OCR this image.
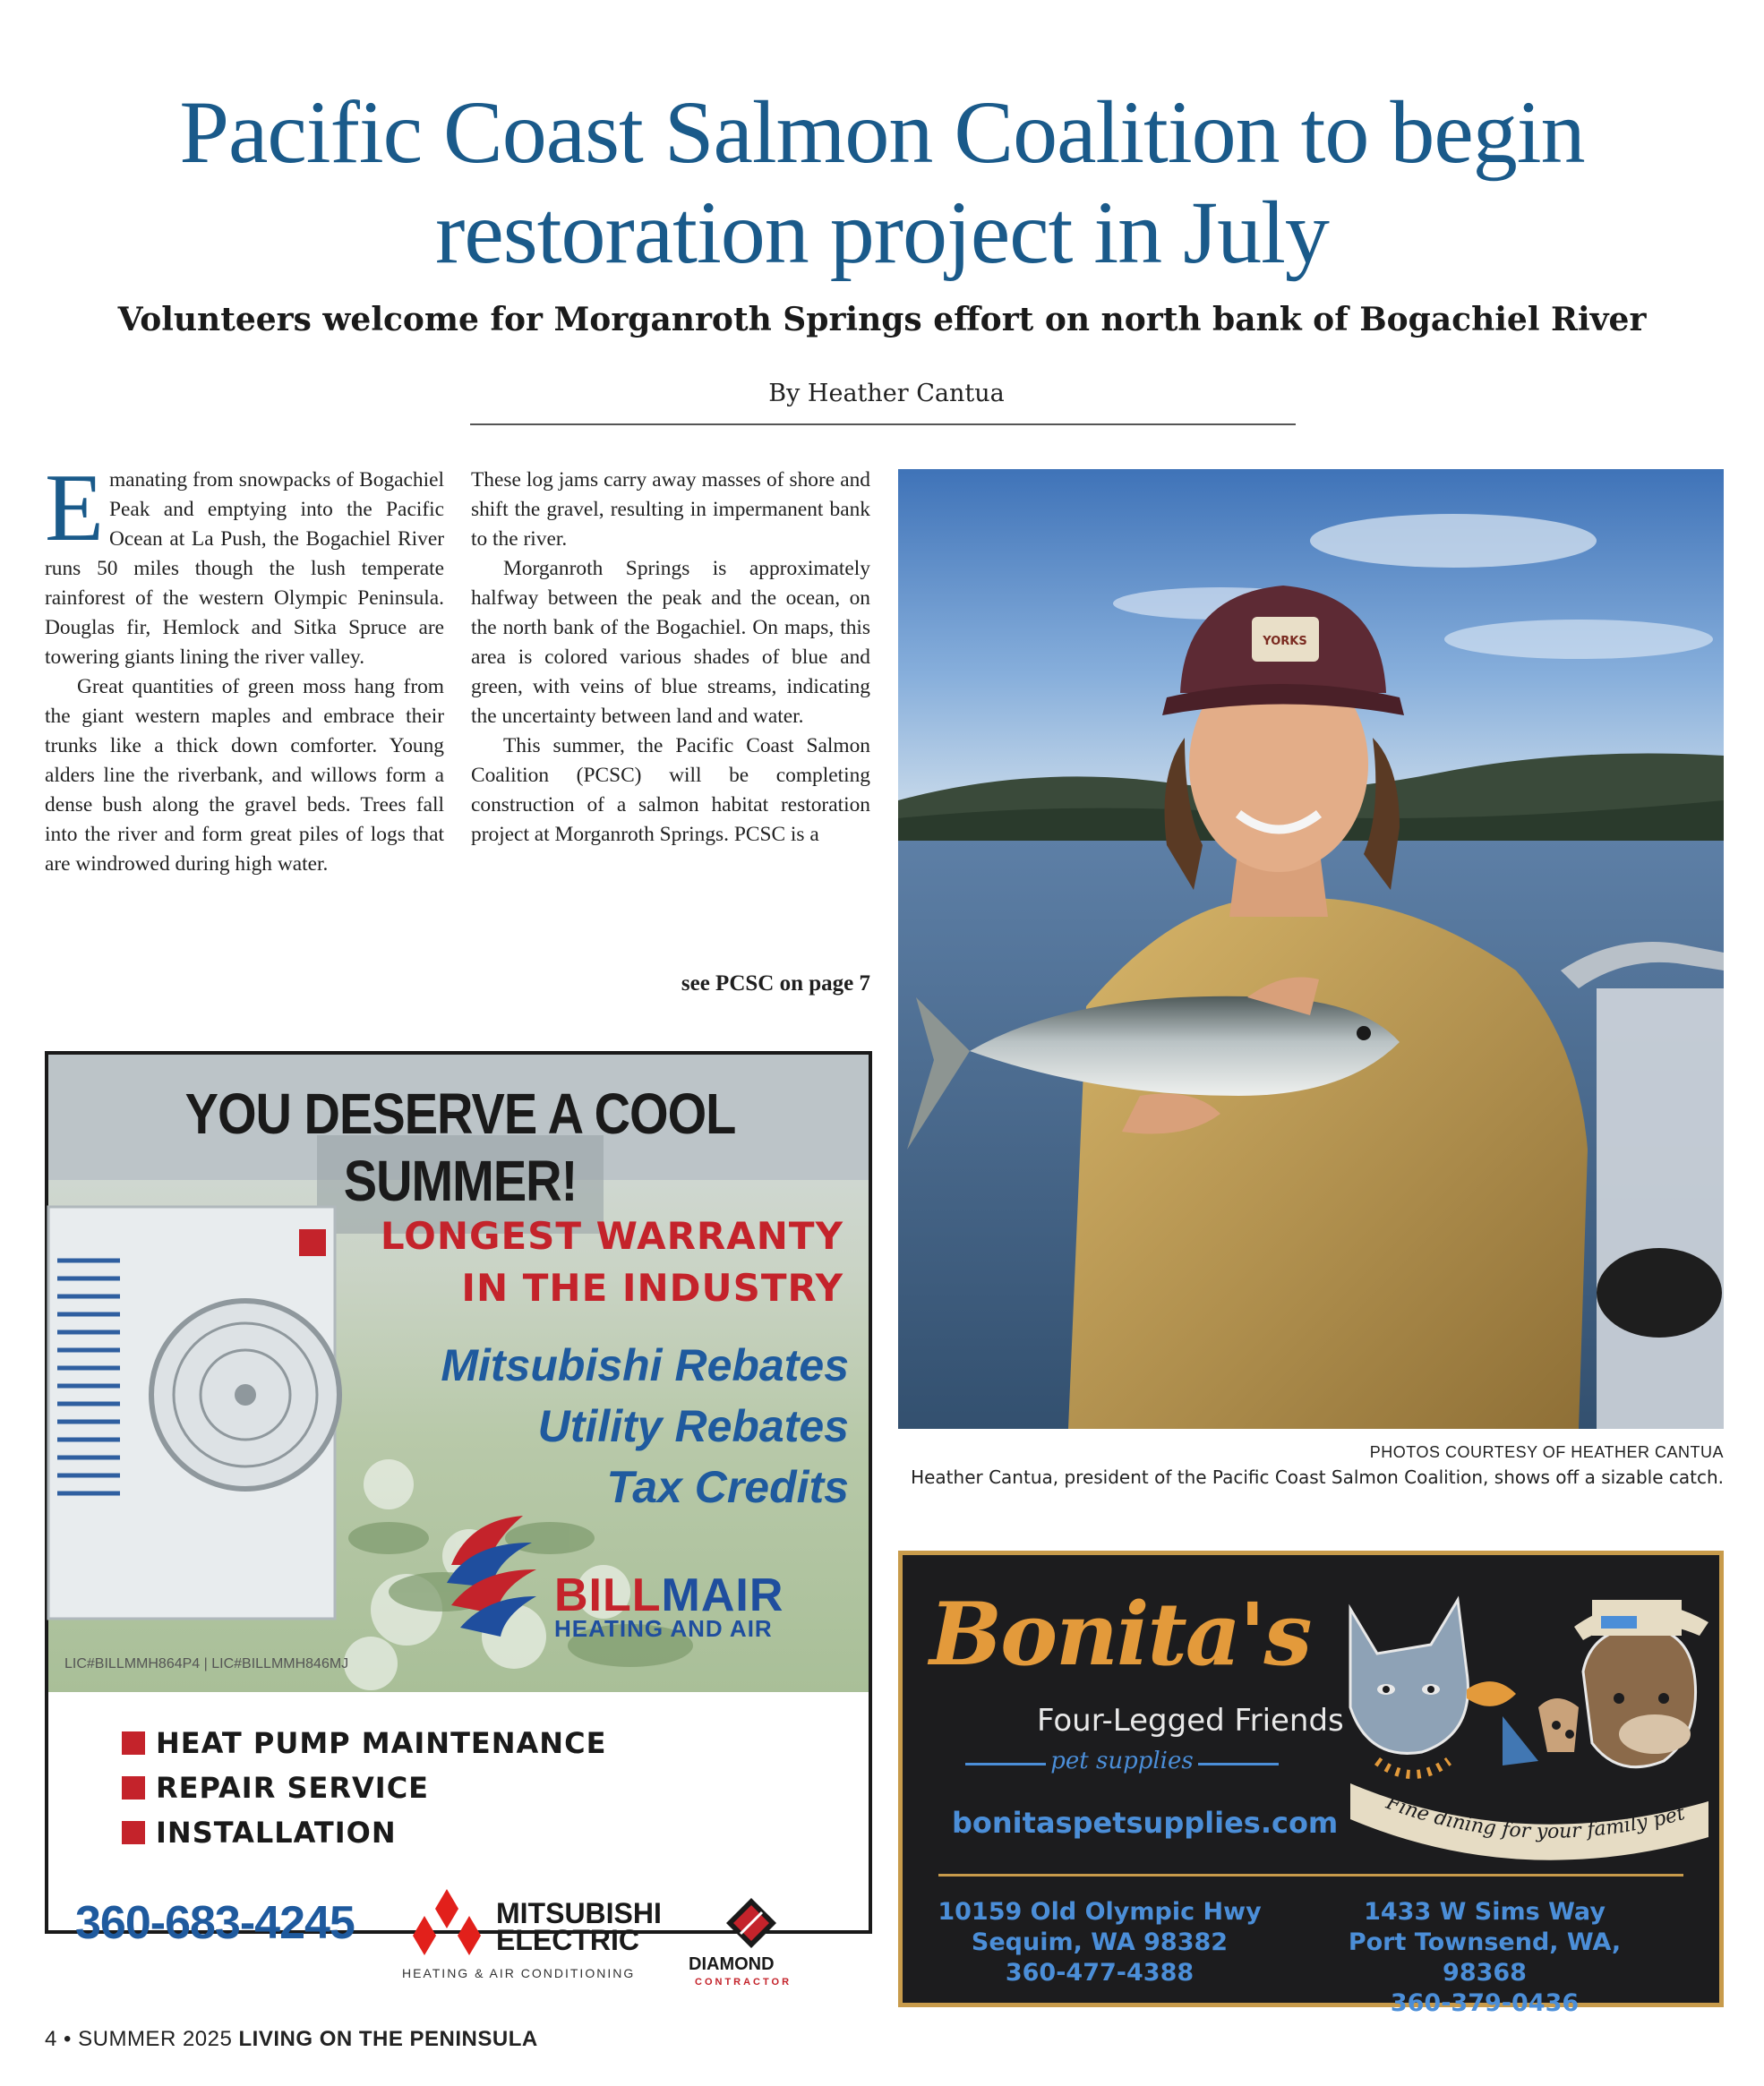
Pacific Coast Salmon Coalition to begin restoration project in July
Volunteers welcome for Morganroth Springs effort on north bank of Bogachiel River
By Heather Cantua

Emanating from snowpacks of Bogachiel Peak and emptying into the Pacific Ocean at La Push, the Bogachiel River runs 50 miles though the lush temperate rainforest of the western Olympic Peninsula. Douglas fir, Hemlock and Sitka Spruce are towering giants lining the river valley.

Great quantities of green moss hang from the giant western maples and embrace their trunks like a thick down comforter. Young alders line the riverbank, and willows form a dense bush along the gravel beds. Trees fall into the river and form great piles of logs that are windrowed during high water.

These log jams carry away masses of shore and shift the gravel, resulting in impermanent bank to the river.

Morganroth Springs is approximately halfway between the peak and the ocean, on the north bank of the Bogachiel. On maps, this area is colored various shades of blue and green, with veins of blue streams, indicating the uncertainty between land and water.

This summer, the Pacific Coast Salmon Coalition (PCSC) will be completing construction of a salmon habitat restoration project at Morganroth Springs. PCSC is a

see PCSC on page 7
YORKS
PHOTOS COURTESY OF HEATHER CANTUA
Heather Cantua, president of the Pacific Coast Salmon Coalition, shows off a sizable catch.
YOU DESERVE A COOL SUMMER!
LONGEST WARRANTY
IN THE INDUSTRY
Mitsubishi Rebates
Utility Rebates
Tax Credits
BILLMAIR
HEATING AND AIR
LIC#BILLMMH864P4 | LIC#BILLMMH846MJ
HEAT PUMP MAINTENANCE
REPAIR SERVICE
INSTALLATION
360-683-4245	MITSUBISHI
ELECTRIC
HEATING & AIR CONDITIONING	DIAMOND
CONTRACTOR
Bonita's
Four-Legged Friends
pet supplies
bonitaspetsupplies.com
Fine dining for your family pet
10159 Old Olympic Hwy
Sequim, WA 98382
360-477-4388
1433 W Sims Way
Port Townsend, WA, 98368
360-379-0436
4 • SUMMER 2025 LIVING ON THE PENINSULA
